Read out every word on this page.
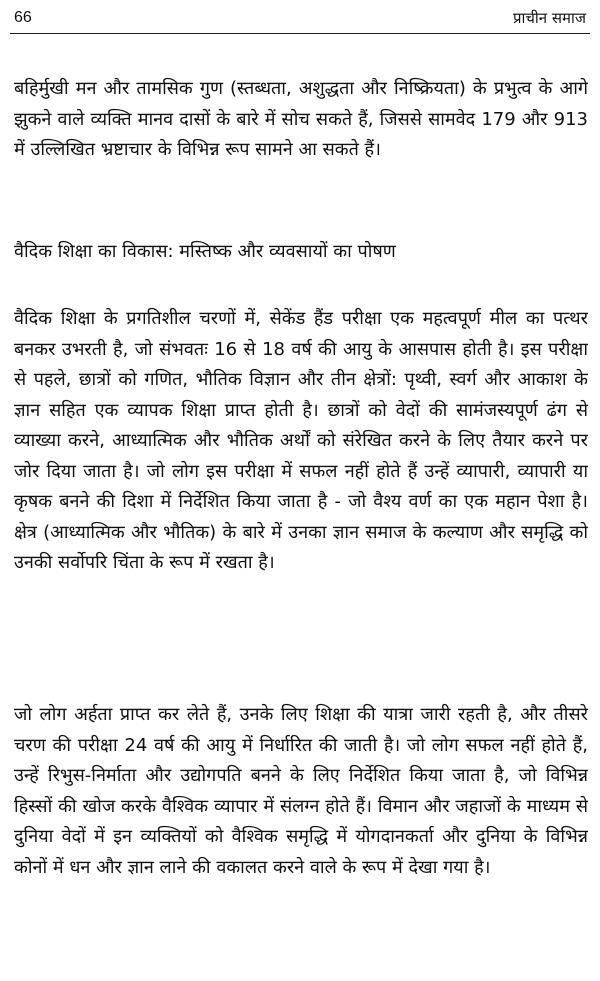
66	प्राचीन समाज

बहिर्मुखी मन और तामसिक गुण (स्तब्धता, अशुद्धता और निष्क्रियता) के प्रभुत्व के आगे झुकने वाले व्यक्ति मानव दासों के बारे में सोच सकते हैं, जिससे सामवेद 179 और 913 में उल्लिखित भ्रष्टाचार के विभिन्न रूप सामने आ सकते हैं।

वैदिक शिक्षा का विकास: मस्तिष्क और व्यवसायों का पोषण

वैदिक शिक्षा के प्रगतिशील चरणों में, सेकेंड हैंड परीक्षा एक महत्वपूर्ण मील का पत्थर बनकर उभरती है, जो संभवतः 16 से 18 वर्ष की आयु के आसपास होती है। इस परीक्षा से पहले, छात्रों को गणित, भौतिक विज्ञान और तीन क्षेत्रों: पृथ्वी, स्वर्ग और आकाश के ज्ञान सहित एक व्यापक शिक्षा प्राप्त होती है। छात्रों को वेदों की सामंजस्यपूर्ण ढंग से व्याख्या करने, आध्यात्मिक और भौतिक अर्थों को संरेखित करने के लिए तैयार करने पर जोर दिया जाता है। जो लोग इस परीक्षा में सफल नहीं होते हैं उन्हें व्यापारी, व्यापारी या कृषक बनने की दिशा में निर्देशित किया जाता है - जो वैश्य वर्ण का एक महान पेशा है। क्षेत्र (आध्यात्मिक और भौतिक) के बारे में उनका ज्ञान समाज के कल्याण और समृद्धि को उनकी सर्वोपरि चिंता के रूप में रखता है।

जो लोग अर्हता प्राप्त कर लेते हैं, उनके लिए शिक्षा की यात्रा जारी रहती है, और तीसरे चरण की परीक्षा 24 वर्ष की आयु में निर्धारित की जाती है। जो लोग सफल नहीं होते हैं, उन्हें रिभुस-निर्माता और उद्योगपति बनने के लिए निर्देशित किया जाता है, जो विभिन्न हिस्सों की खोज करके वैश्विक व्यापार में संलग्न होते हैं। विमान और जहाजों के माध्यम से दुनिया वेदों में इन व्यक्तियों को वैश्विक समृद्धि में योगदानकर्ता और दुनिया के विभिन्न कोनों में धन और ज्ञान लाने की वकालत करने वाले के रूप में देखा गया है।
